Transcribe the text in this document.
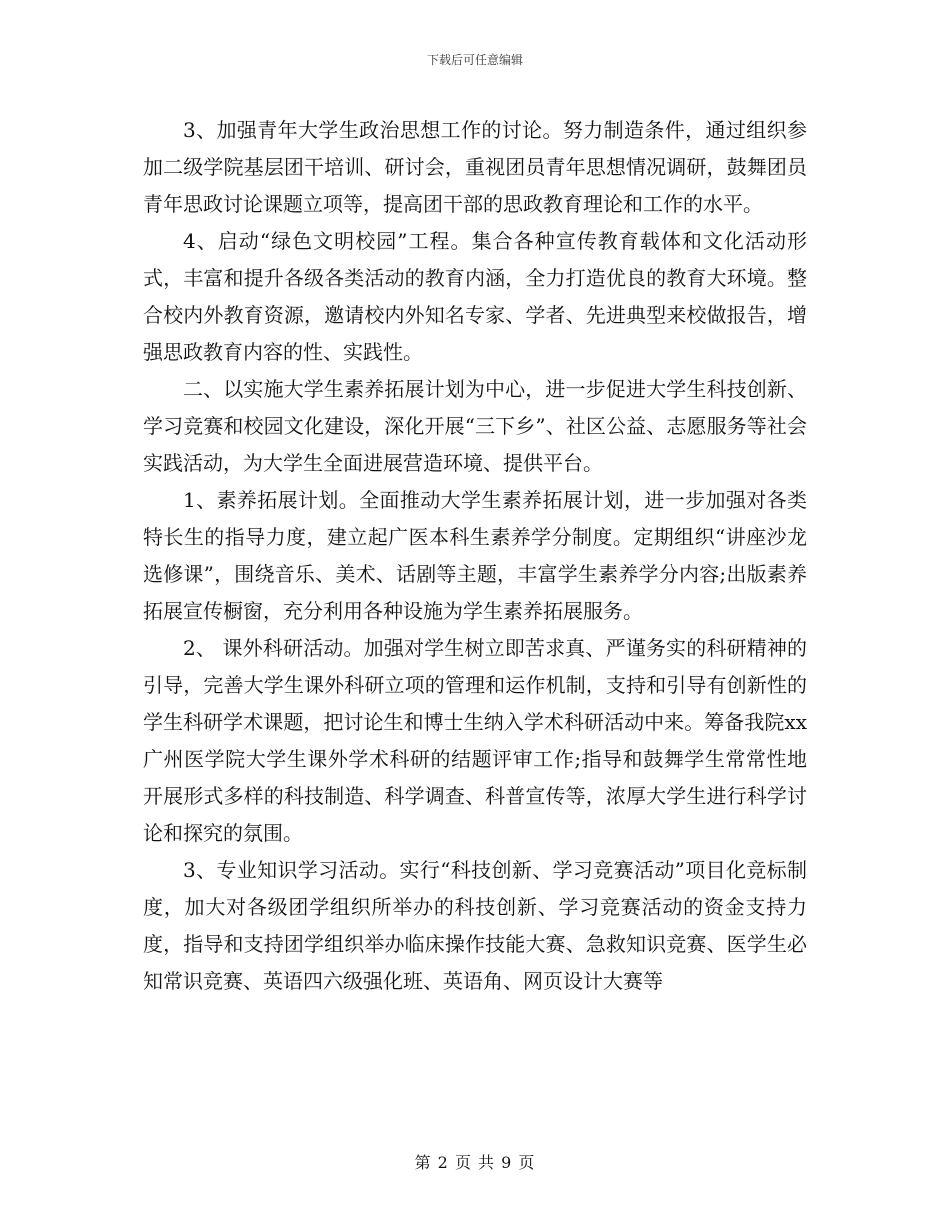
下载后可任意编辑

3、加强青年大学生政治思想工作的讨论。努力制造条件，通过组织参加二级学院基层团干培训、研讨会，重视团员青年思想情况调研，鼓舞团员青年思政讨论课题立项等，提高团干部的思政教育理论和工作的水平。

4、启动“绿色文明校园”工程。集合各种宣传教育载体和文化活动形式，丰富和提升各级各类活动的教育内涵，全力打造优良的教育大环境。整合校内外教育资源，邀请校内外知名专家、学者、先进典型来校做报告，增强思政教育内容的性、实践性。

二、以实施大学生素养拓展计划为中心，进一步促进大学生科技创新、学习竞赛和校园文化建设，深化开展“三下乡”、社区公益、志愿服务等社会实践活动，为大学生全面进展营造环境、提供平台。

1、素养拓展计划。全面推动大学生素养拓展计划，进一步加强对各类特长生的指导力度，建立起广医本科生素养学分制度。定期组织“讲座沙龙选修课”，围绕音乐、美术、话剧等主题，丰富学生素养学分内容;出版素养拓展宣传橱窗，充分利用各种设施为学生素养拓展服务。

2、 课外科研活动。加强对学生树立即苦求真、严谨务实的科研精神的引导，完善大学生课外科研立项的管理和运作机制，支持和引导有创新性的学生科研学术课题，把讨论生和博士生纳入学术科研活动中来。筹备我院xx广州医学院大学生课外学术科研的结题评审工作;指导和鼓舞学生常常性地开展形式多样的科技制造、科学调查、科普宣传等，浓厚大学生进行科学讨论和探究的氛围。

3、专业知识学习活动。实行“科技创新、学习竞赛活动”项目化竞标制度，加大对各级团学组织所举办的科技创新、学习竞赛活动的资金支持力度，指导和支持团学组织举办临床操作技能大赛、急救知识竞赛、医学生必知常识竞赛、英语四六级强化班、英语角、网页设计大赛等

第 2 页 共 9 页
